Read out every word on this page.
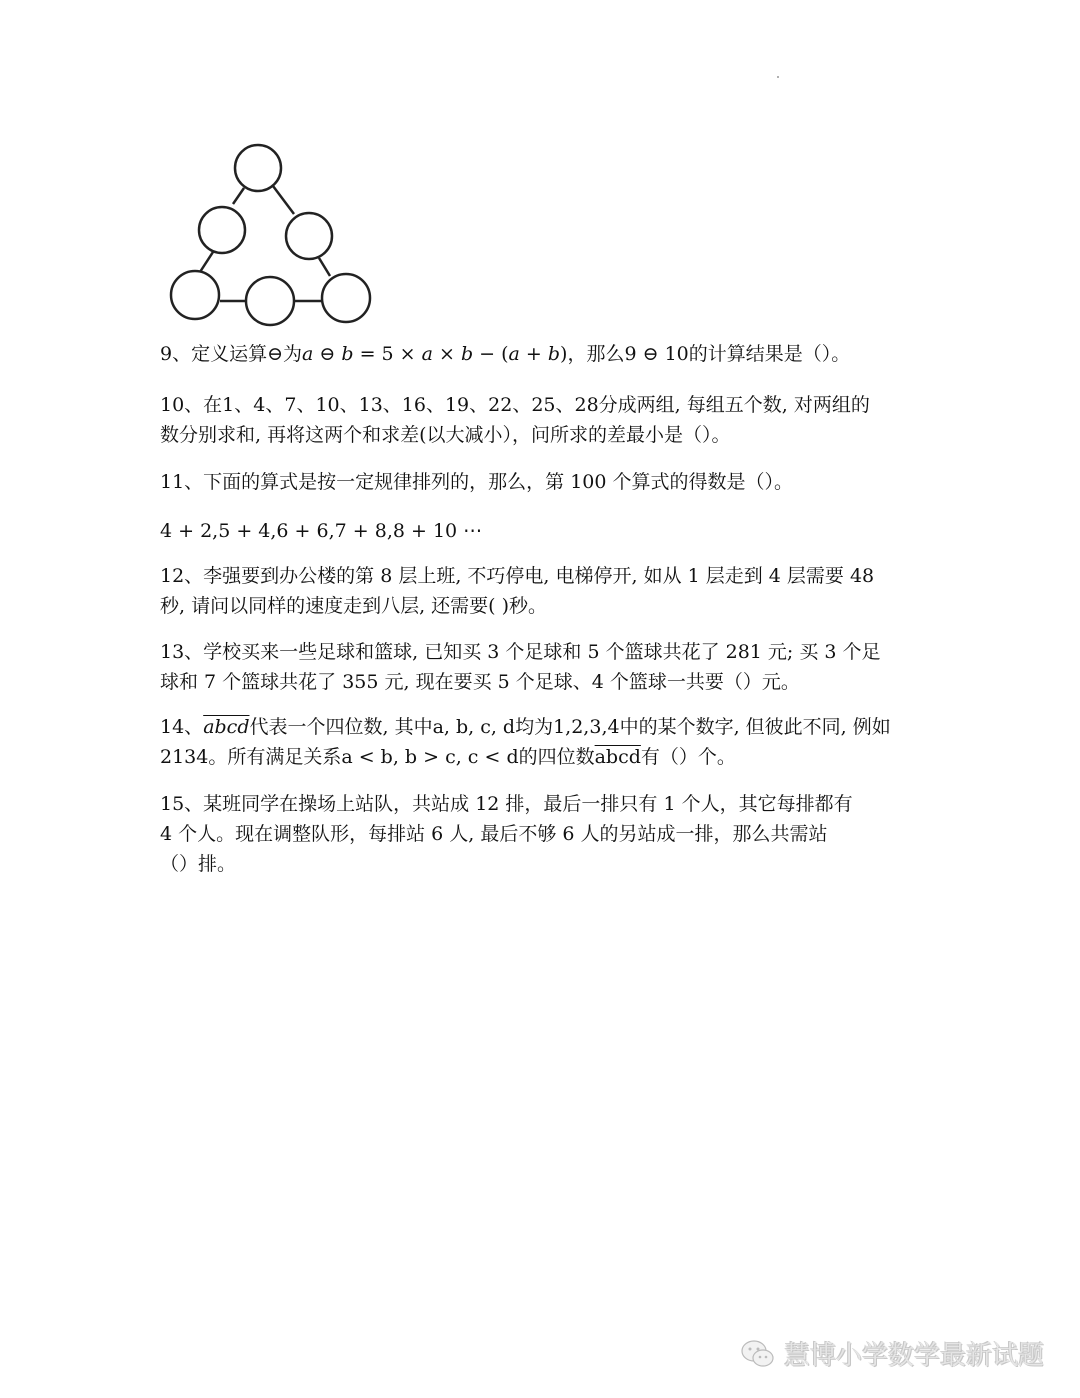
9、定义运算⊖为a ⊖ b = 5 × a × b − (a + b)，那么9 ⊖ 10的计算结果是（）。
10、在1、4、7、10、13、16、19、22、25、28分成两组, 每组五个数, 对两组的
数分别求和, 再将这两个和求差(以大减小），问所求的差最小是（）。
11、下面的算式是按一定规律排列的，那么，第 100 个算式的得数是（）。
4 + 2,5 + 4,6 + 6,7 + 8,8 + 10 ⋯
12、李强要到办公楼的第 8 层上班, 不巧停电, 电梯停开, 如从 1 层走到 4 层需要 48
秒, 请问以同样的速度走到八层, 还需要( )秒。
13、学校买来一些足球和篮球, 已知买 3 个足球和 5 个篮球共花了 281 元; 买 3 个足
球和 7 个篮球共花了 355 元, 现在要买 5 个足球、4 个篮球一共要（）元。
14、abcd代表一个四位数, 其中a, b, c, d均为1,2,3,4中的某个数字, 但彼此不同, 例如
2134。所有满足关系a < b, b > c, c < d的四位数abcd有（）个。
15、某班同学在操场上站队，共站成 12 排，最后一排只有 1 个人，其它每排都有
4 个人。现在调整队形，每排站 6 人, 最后不够 6 人的另站成一排，那么共需站
（）排。
慧博小学数学最新试题
